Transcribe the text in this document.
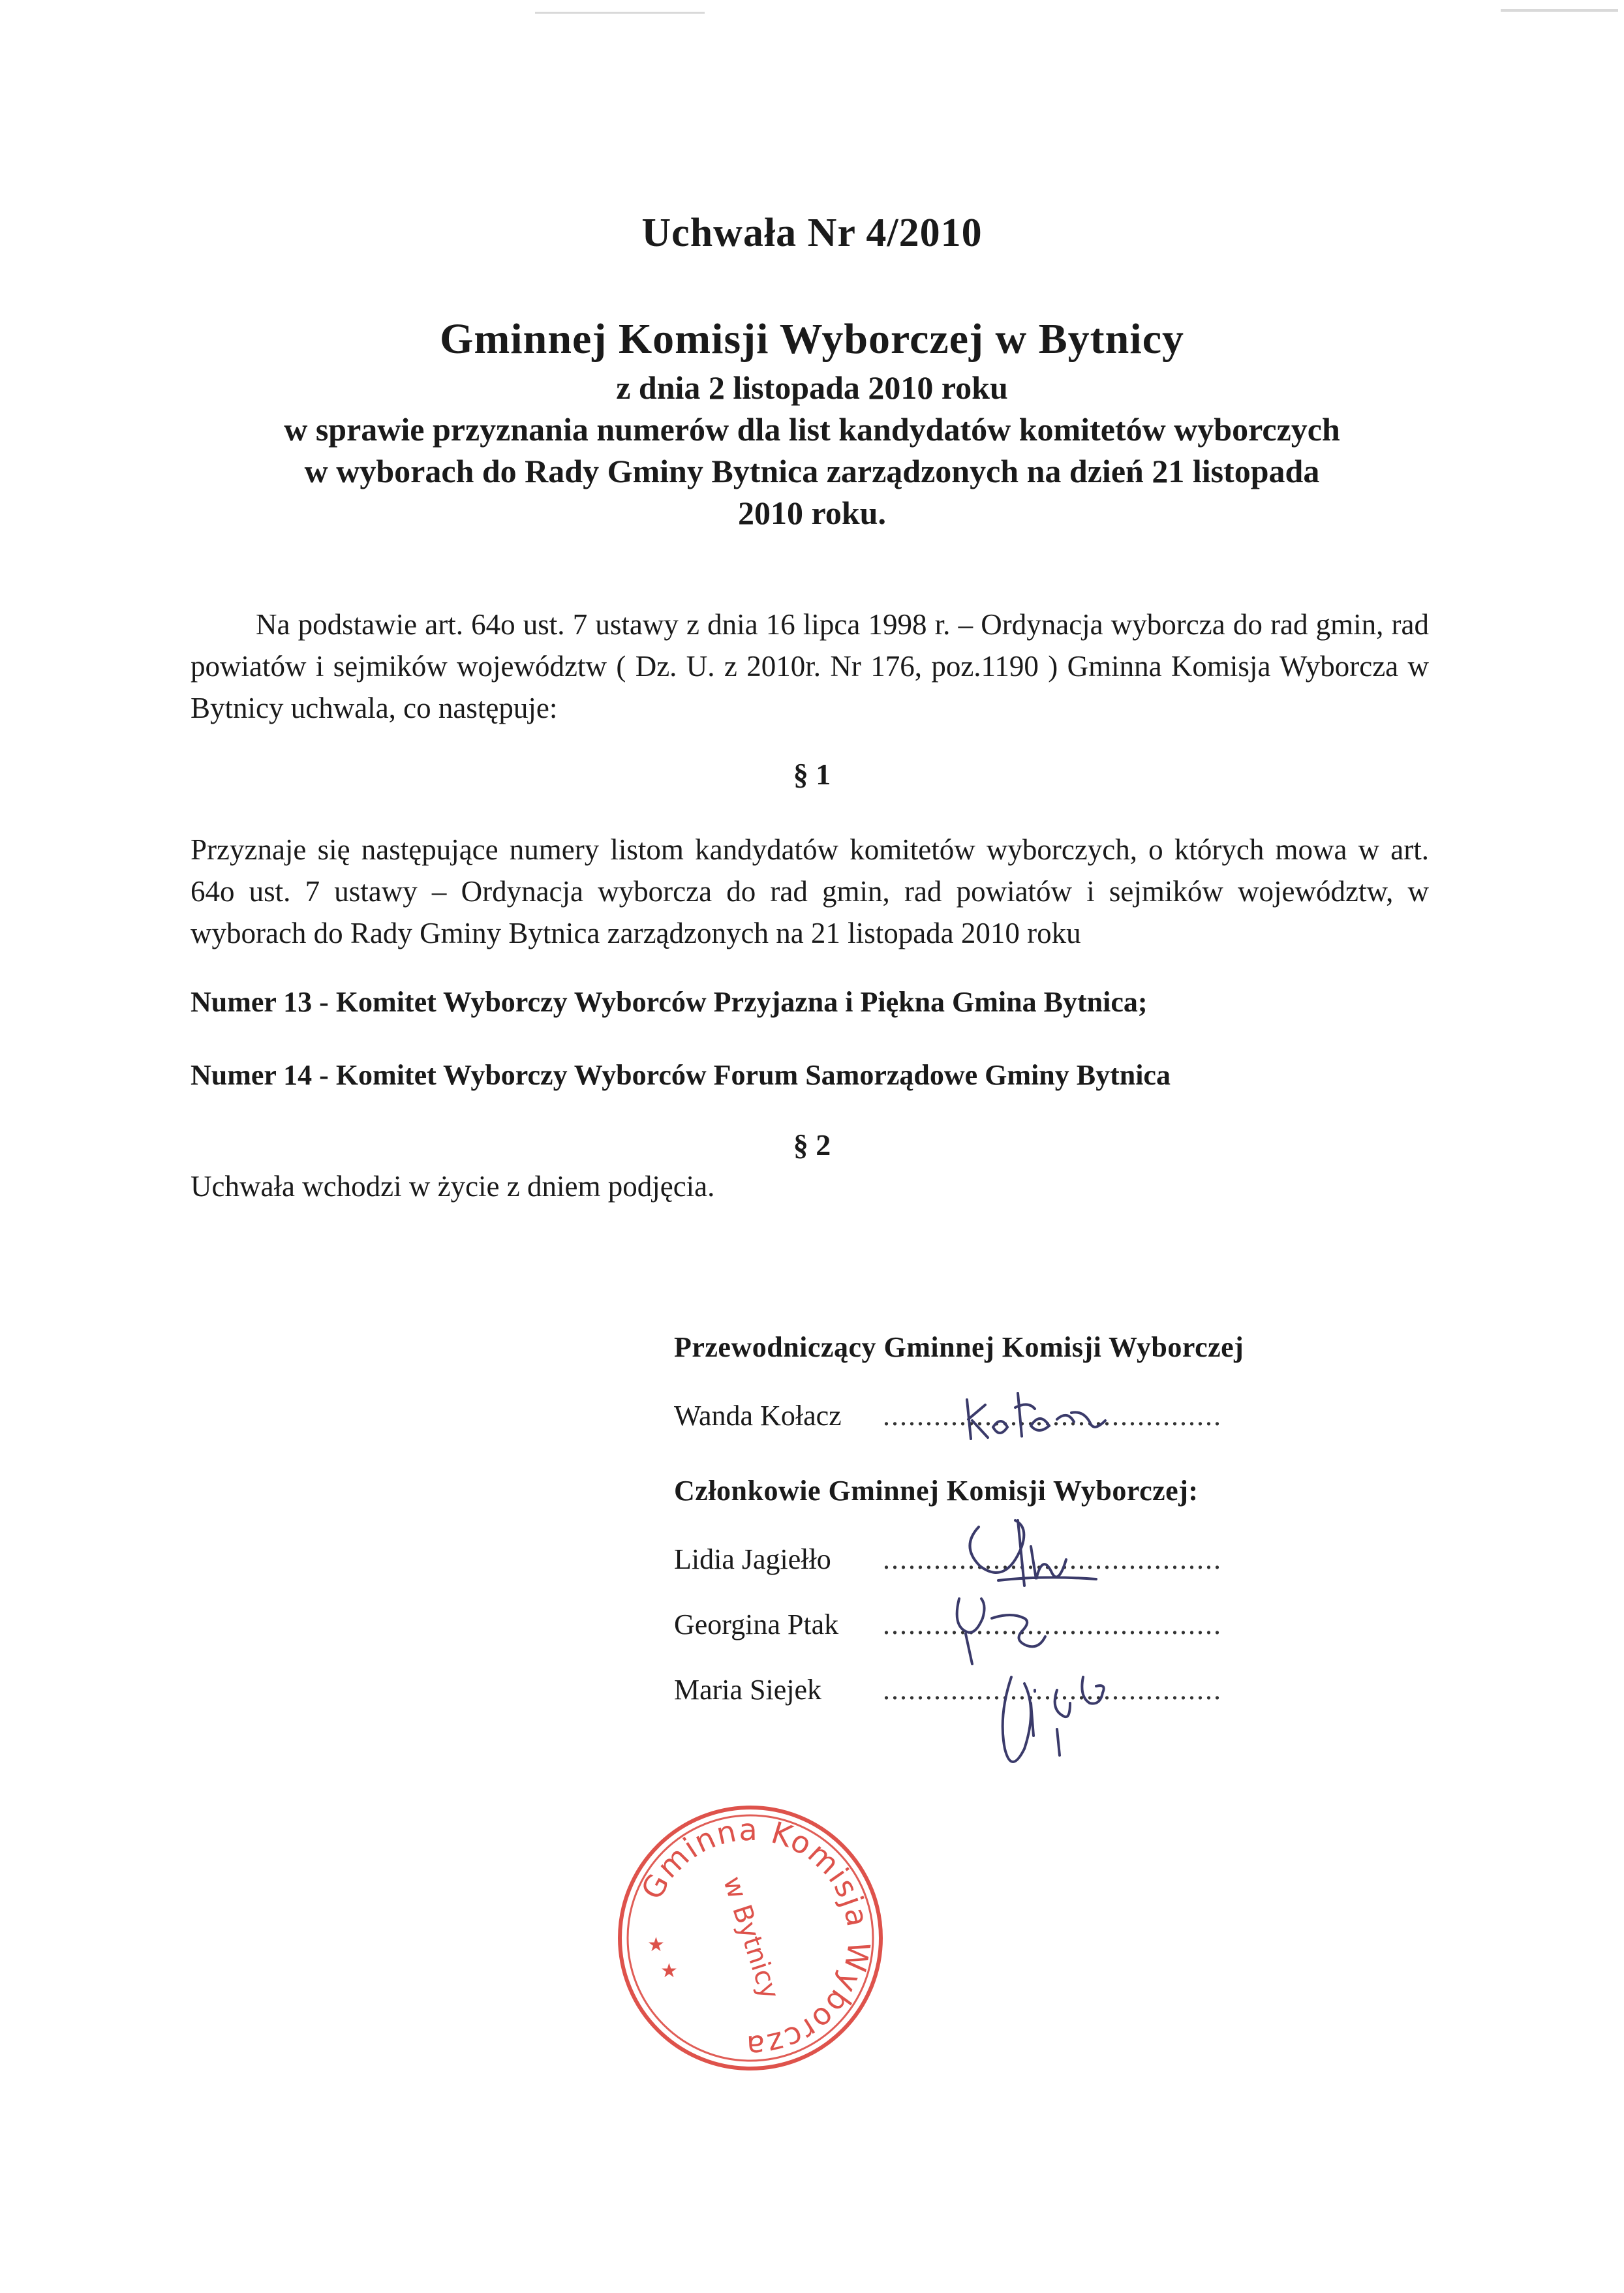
Uchwała Nr 4/2010
Gminnej Komisji Wyborczej w Bytnicy
z dnia 2 listopada 2010 roku
w sprawie przyznania numerów dla list kandydatów komitetów wyborczych
w wyborach do Rady Gminy Bytnica zarządzonych na dzień 21 listopada
2010 roku.
Na podstawie art. 64o ust. 7 ustawy z dnia 16 lipca 1998 r. – Ordynacja wyborcza do rad gmin, rad powiatów i sejmików województw ( Dz. U. z 2010r. Nr 176, poz.1190 ) Gminna Komisja Wyborcza w Bytnicy uchwala, co następuje:
§ 1
Przyznaje się następujące numery listom kandydatów komitetów wyborczych, o których mowa w art. 64o ust. 7 ustawy – Ordynacja wyborcza do rad gmin, rad powiatów i sejmików województw, w wyborach do Rady Gminy Bytnica zarządzonych na 21 listopada 2010 roku
Numer 13 - Komitet Wyborczy Wyborców Przyjazna i Piękna Gmina Bytnica;
Numer 14 - Komitet Wyborczy Wyborców Forum Samorządowe Gminy Bytnica
§ 2
Uchwała wchodzi w życie z dniem podjęcia.
Przewodniczący Gminnej Komisji Wyborczej
Wanda Kołacz ........................................
Członkowie Gminnej Komisji Wyborczej:
Lidia Jagiełło ........................................
Georgina Ptak ........................................
Maria Siejek ........................................
Gminna Komisja Wyborcza
w Bytnicy
★
★
